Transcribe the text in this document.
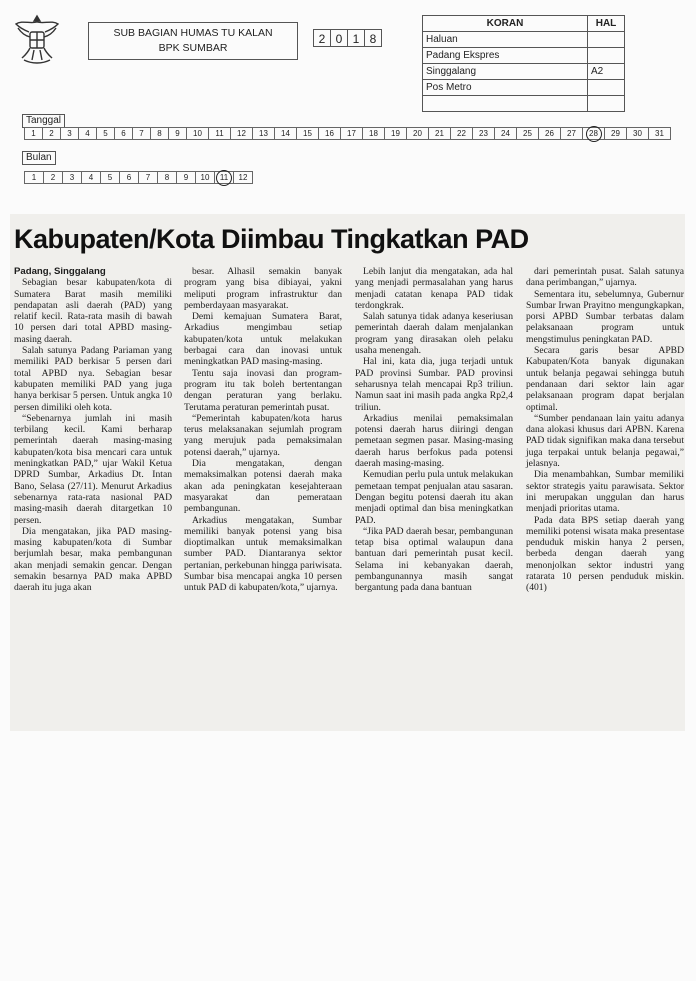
SUB BAGIAN HUMAS TU KALAN
BPK SUMBAR
2 0 1 8
KORAN	HAL
Haluan	
Padang Ekspres	
Singgalang	A2
Pos Metro	

Tanggal
1	2	3	4	5	6	7	8	9	10	11	12	13	14	15	16	17	18	19	20	21	22	23	24	25	26	27	28	29	30	31
Bulan
1	2	3	4	5	6	7	8	9	10	11	12
Kabupaten/Kota Diimbau Tingkatkan PAD

Padang, Singgalang

Sebagian besar kabupaten/kota di Sumatera Barat masih memiliki pendapatan asli daerah (PAD) yang relatif kecil. Rata-rata masih di bawah 10 persen dari total APBD masing-masing daerah.

Salah satunya Padang Pariaman yang memiliki PAD berkisar 5 persen dari total APBD nya. Sebagian besar kabupaten memiliki PAD yang juga hanya berkisar 5 persen. Untuk angka 10 persen dimiliki oleh kota.

“Sebenarnya jumlah ini masih terbilang kecil. Kami berharap pemerintah daerah masing-masing kabupaten/kota bisa mencari cara untuk meningkatkan PAD,” ujar Wakil Ketua DPRD Sumbar, Arkadius Dt. Intan Bano, Selasa (27/11). Menurut Arkadius sebenarnya rata-rata nasional PAD masing-masih daerah ditargetkan 10 persen.

Dia mengatakan, jika PAD masing-masing kabupaten/kota di Sumbar berjumlah besar, maka pembangunan akan menjadi semakin gencar. Dengan semakin besarnya PAD maka APBD daerah itu juga akan

besar. Alhasil semakin banyak program yang bisa dibiayai, yakni meliputi program infrastruktur dan pemberdayaan masyarakat.

Demi kemajuan Sumatera Barat, Arkadius mengimbau setiap kabupaten/kota untuk melakukan berbagai cara dan inovasi untuk meningkatkan PAD masing-masing.

Tentu saja inovasi dan program-program itu tak boleh bertentangan dengan peraturan yang berlaku. Terutama peraturan pemerintah pusat.

“Pemerintah kabupaten/kota harus terus melaksanakan sejumlah program yang merujuk pada pemaksimalan potensi daerah,” ujarnya.

Dia mengatakan, dengan memaksimalkan potensi daerah maka akan ada peningkatan kesejahteraan masyarakat dan pemerataan pembangunan.

Arkadius mengatakan, Sumbar memiliki banyak potensi yang bisa dioptimalkan untuk memaksimalkan sumber PAD. Diantaranya sektor pertanian, perkebunan hingga pariwisata. Sumbar bisa mencapai angka 10 persen untuk PAD di kabupaten/kota,” ujarnya.

Lebih lanjut dia mengatakan, ada hal yang menjadi permasalahan yang harus menjadi catatan kenapa PAD tidak terdongkrak.

Salah satunya tidak adanya keseriusan pemerintah daerah dalam menjalankan program yang dirasakan oleh pelaku usaha menengah.

Hal ini, kata dia, juga terjadi untuk PAD provinsi Sumbar. PAD provinsi seharusnya telah mencapai Rp3 triliun. Namun saat ini masih pada angka Rp2,4 triliun.

Arkadius menilai pemaksimalan potensi daerah harus diiringi dengan pemetaan segmen pasar. Masing-masing daerah harus berfokus pada potensi daerah masing-masing.

Kemudian perlu pula untuk melakukan pemetaan tempat penjualan atau sasaran. Dengan begitu potensi daerah itu akan menjadi optimal dan bisa meningkatkan PAD.

“Jika PAD daerah besar, pembangunan tetap bisa optimal walaupun dana bantuan dari pemerintah pusat kecil. Selama ini kebanyakan daerah, pembangunannya masih sangat bergantung pada dana bantuan

dari pemerintah pusat. Salah satunya dana perimbangan,” ujarnya.

Sementara itu, sebelumnya, Gubernur Sumbar Irwan Prayitno mengungkapkan, porsi APBD Sumbar terbatas dalam pelaksanaan program untuk mengstimulus peningkatan PAD.

Secara garis besar APBD Kabupaten/Kota banyak digunakan untuk belanja pegawai sehingga butuh pendanaan dari sektor lain agar pelaksanaan program dapat berjalan optimal.

“Sumber pendanaan lain yaitu adanya dana alokasi khusus dari APBN. Karena PAD tidak signifikan maka dana tersebut juga terpakai untuk belanja pegawai,” jelasnya.

Dia menambahkan, Sumbar memiliki sektor strategis yaitu parawisata. Sektor ini merupakan unggulan dan harus menjadi prioritas utama.

Pada data BPS setiap daerah yang memiliki potensi wisata maka presentase penduduk miskin hanya 2 persen, berbeda dengan daerah yang menonjolkan sektor industri yang ratarata 10 persen penduduk miskin. (401)
